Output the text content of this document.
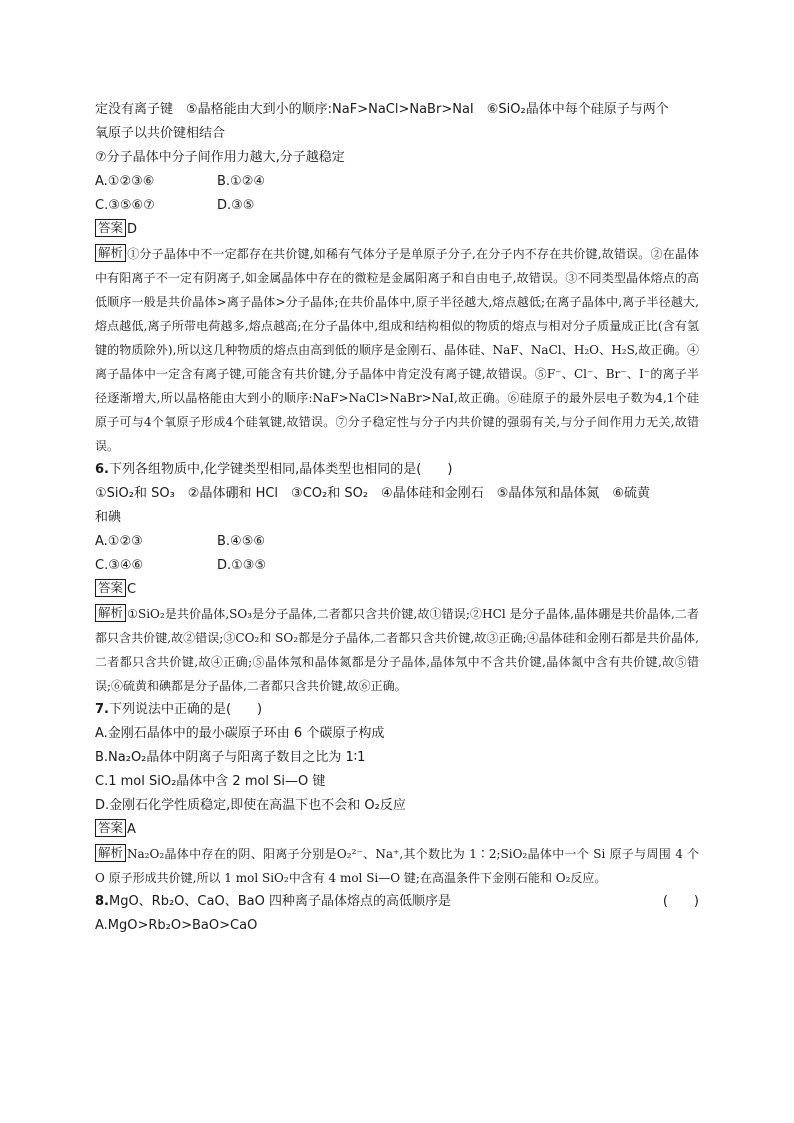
定没有离子键　⑤晶格能由大到小的顺序:NaF>NaCl>NaBr>NaI　⑥SiO₂晶体中每个硅原子与两个
氧原子以共价键相结合
⑦分子晶体中分子间作用力越大,分子越稳定
A.①②③⑥	B.①②④
C.③⑤⑥⑦	D.③⑤
答案 D
解析 ①分子晶体中不一定都存在共价键,如稀有气体分子是单原子分子,在分子内不存在共价键,故错误。②在晶体中有阳离子不一定有阴离子,如金属晶体中存在的微粒是金属阳离子和自由电子,故错误。③不同类型晶体熔点的高低顺序一般是共价晶体>离子晶体>分子晶体;在共价晶体中,原子半径越大,熔点越低;在离子晶体中,离子半径越大,熔点越低,离子所带电荷越多,熔点越高;在分子晶体中,组成和结构相似的物质的熔点与相对分子质量成正比(含有氢键的物质除外),所以这几种物质的熔点由高到低的顺序是金刚石、晶体硅、NaF、NaCl、H₂O、H₂S,故正确。④离子晶体中一定含有离子键,可能含有共价键,分子晶体中肯定没有离子键,故错误。⑤F⁻、Cl⁻、Br⁻、I⁻的离子半径逐渐增大,所以晶格能由大到小的顺序:NaF>NaCl>NaBr>NaI,故正确。⑥硅原子的最外层电子数为4,1个硅原子可与4个氧原子形成4个硅氧键,故错误。⑦分子稳定性与分子内共价键的强弱有关,与分子间作用力无关,故错误。
6.下列各组物质中,化学键类型相同,晶体类型也相同的是(　　)
①SiO₂和 SO₃　②晶体硼和 HCl　③CO₂和 SO₂　④晶体硅和金刚石　⑤晶体氖和晶体氮　⑥硫黄
和碘
A.①②③	B.④⑤⑥
C.③④⑥	D.①③⑤
答案 C
解析 ①SiO₂是共价晶体,SO₃是分子晶体,二者都只含共价键,故①错误;②HCl 是分子晶体,晶体硼是共价晶体,二者都只含共价键,故②错误;③CO₂和 SO₂都是分子晶体,二者都只含共价键,故③正确;④晶体硅和金刚石都是共价晶体,二者都只含共价键,故④正确;⑤晶体氖和晶体氮都是分子晶体,晶体氖中不含共价键,晶体氮中含有共价键,故⑤错误;⑥硫黄和碘都是分子晶体,二者都只含共价键,故⑥正确。
7.下列说法中正确的是(　　)
A.金刚石晶体中的最小碳原子环由 6 个碳原子构成
B.Na₂O₂晶体中阴离子与阳离子数目之比为 1∶1
C.1 mol SiO₂晶体中含 2 mol Si—O 键
D.金刚石化学性质稳定,即使在高温下也不会和 O₂反应
答案 A
解析 Na₂O₂晶体中存在的阴、阳离子分别是O₂²⁻、Na⁺,其个数比为 1∶2;SiO₂晶体中一个 Si 原子与周围 4 个 O 原子形成共价键,所以 1 mol SiO₂中含有 4 mol Si—O 键;在高温条件下金刚石能和 O₂反应。
8.MgO、Rb₂O、CaO、BaO 四种离子晶体熔点的高低顺序是	(　　)
A.MgO>Rb₂O>BaO>CaO
